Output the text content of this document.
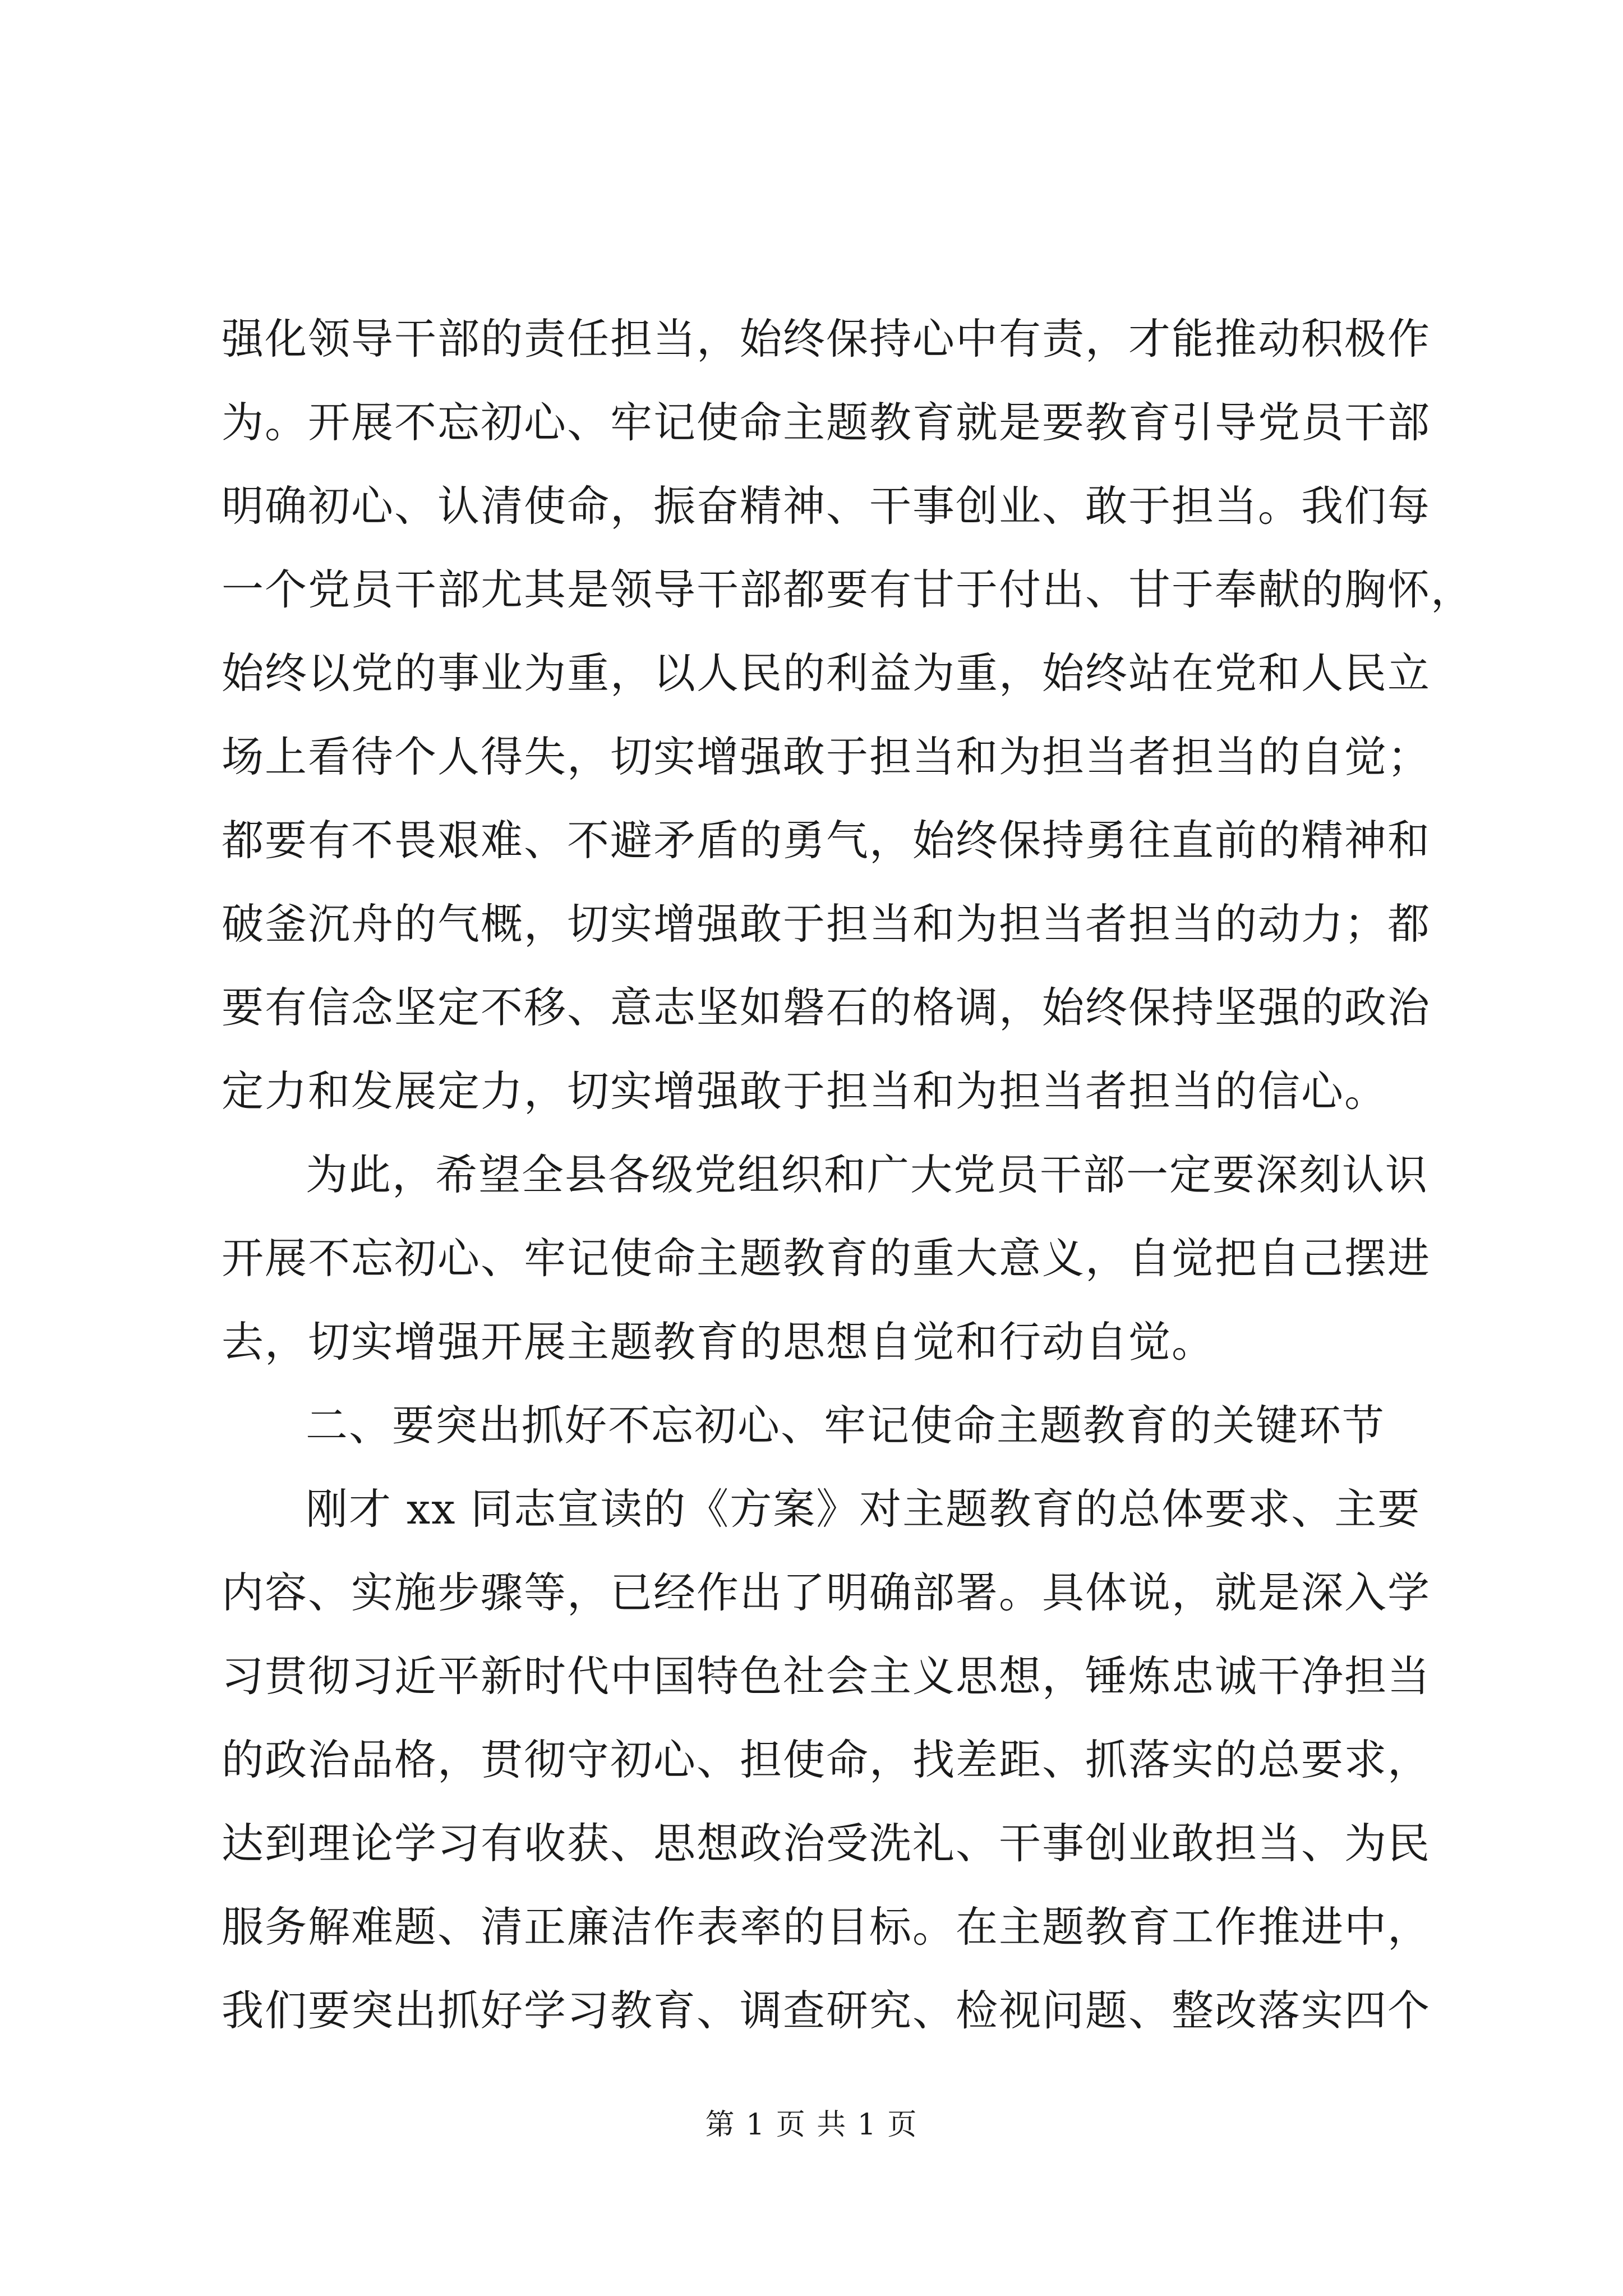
强化领导干部的责任担当，始终保持心中有责，才能推动积极作
为。开展不忘初心、牢记使命主题教育就是要教育引导党员干部
明确初心、认清使命，振奋精神、干事创业、敢于担当。我们每
一个党员干部尤其是领导干部都要有甘于付出、甘于奉献的胸怀，
始终以党的事业为重，以人民的利益为重，始终站在党和人民立
场上看待个人得失，切实增强敢于担当和为担当者担当的自觉；
都要有不畏艰难、不避矛盾的勇气，始终保持勇往直前的精神和
破釜沉舟的气概，切实增强敢于担当和为担当者担当的动力；都
要有信念坚定不移、意志坚如磐石的格调，始终保持坚强的政治
定力和发展定力，切实增强敢于担当和为担当者担当的信心。
为此，希望全县各级党组织和广大党员干部一定要深刻认识
开展不忘初心、牢记使命主题教育的重大意义，自觉把自己摆进
去，切实增强开展主题教育的思想自觉和行动自觉。
二、要突出抓好不忘初心、牢记使命主题教育的关键环节
刚才 xx 同志宣读的《方案》对主题教育的总体要求、主要
内容、实施步骤等，已经作出了明确部署。具体说，就是深入学
习贯彻习近平新时代中国特色社会主义思想，锤炼忠诚干净担当
的政治品格，贯彻守初心、担使命，找差距、抓落实的总要求，
达到理论学习有收获、思想政治受洗礼、干事创业敢担当、为民
服务解难题、清正廉洁作表率的目标。在主题教育工作推进中，
我们要突出抓好学习教育、调查研究、检视问题、整改落实四个
第 1 页 共 1 页
